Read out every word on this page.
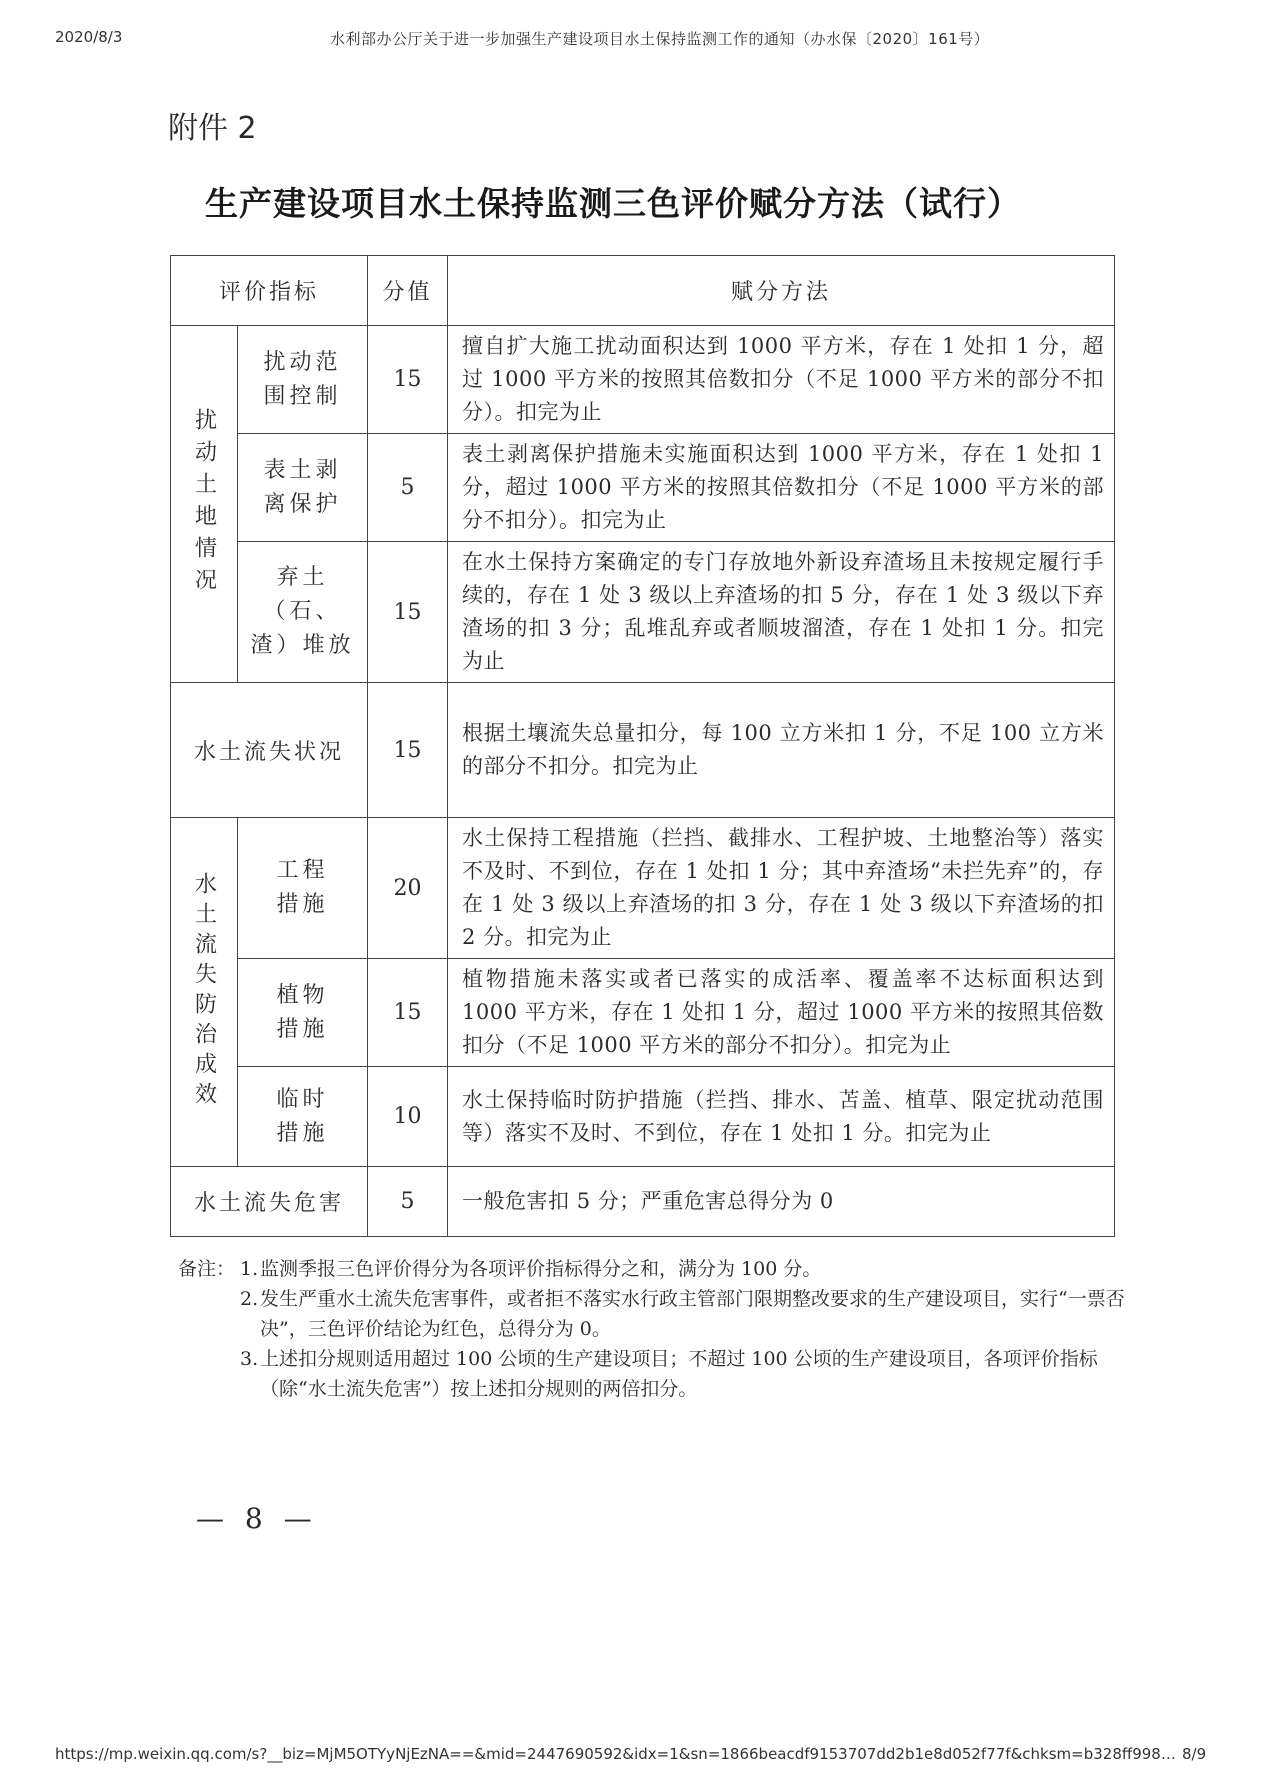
2020/8/3	水利部办公厅关于进一步加强生产建设项目水土保持监测工作的通知（办水保〔2020〕161号）
附件 2
生产建设项目水土保持监测三色评价赋分方法（试行）
评价指标		分值	赋分方法

扰动土地情况	扰动范围控制	15	擅自扩大施工扰动面积达到 1000 平方米，存在 1 处扣 1 分，超过 1000 平方米的按照其倍数扣分（不足 1000 平方米的部分不扣分）。扣完为止
	表土剥离保护	5	表土剥离保护措施未实施面积达到 1000 平方米，存在 1 处扣 1 分，超过 1000 平方米的按照其倍数扣分（不足 1000 平方米的部分不扣分）。扣完为止
	弃土（石、渣）堆放	15	在水土保持方案确定的专门存放地外新设弃渣场且未按规定履行手续的，存在 1 处 3 级以上弃渣场的扣 5 分，存在 1 处 3 级以下弃渣场的扣 3 分；乱堆乱弃或者顺坡溜渣，存在 1 处扣 1 分。扣完为止
水土流失状况		15	根据土壤流失总量扣分，每 100 立方米扣 1 分，不足 100 立方米的部分不扣分。扣完为止

水土流失防治成效	工程措施	20	水土保持工程措施（拦挡、截排水、工程护坡、土地整治等）落实不及时、不到位，存在 1 处扣 1 分；其中弃渣场“未拦先弃”的，存在 1 处 3 级以上弃渣场的扣 3 分，存在 1 处 3 级以下弃渣场的扣 2 分。扣完为止
	植物措施	15	植物措施未落实或者已落实的成活率、覆盖率不达标面积达到 1000 平方米，存在 1 处扣 1 分，超过 1000 平方米的按照其倍数扣分（不足 1000 平方米的部分不扣分）。扣完为止
	临时措施	10	水土保持临时防护措施（拦挡、排水、苫盖、植草、限定扰动范围等）落实不及时、不到位，存在 1 处扣 1 分。扣完为止
水土流失危害		5	一般危害扣 5 分；严重危害总得分为 0
备注： 1. 监测季报三色评价得分为各项评价指标得分之和，满分为 100 分。
2. 发生严重水土流失危害事件，或者拒不落实水行政主管部门限期整改要求的生产建设项目，实行“一票否决”，三色评价结论为红色，总得分为 0。
3. 上述扣分规则适用超过 100 公顷的生产建设项目；不超过 100 公顷的生产建设项目，各项评价指标（除“水土流失危害”）按上述扣分规则的两倍扣分。
— 8 —
https://mp.weixin.qq.com/s?__biz=MjM5OTYyNjEzNA==&mid=2447690592&idx=1&sn=1866beacdf9153707dd2b1e8d052f77f&chksm=b328ff998… 8/9
